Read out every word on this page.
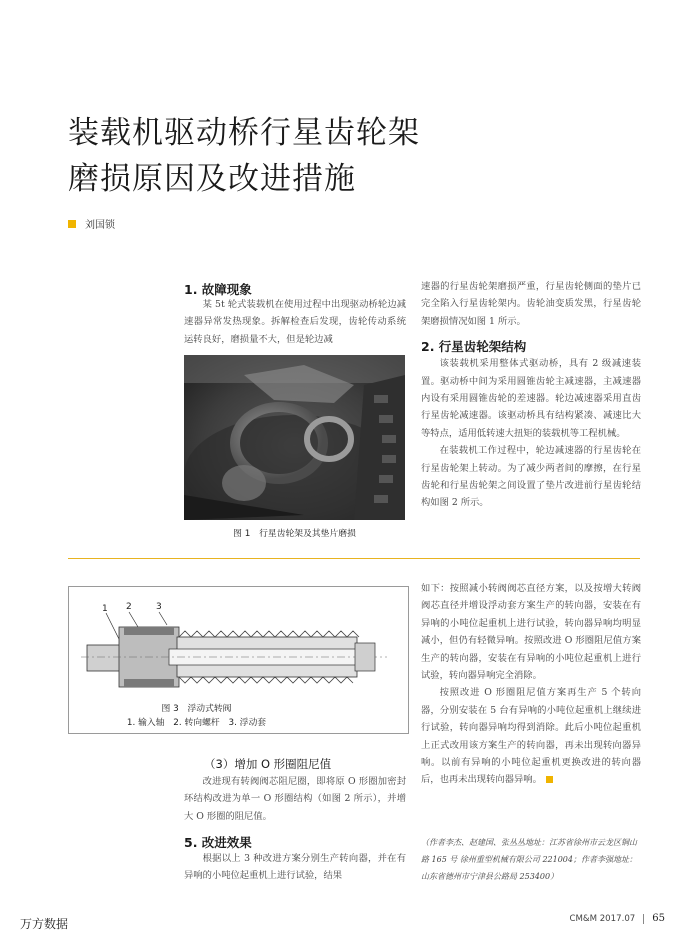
装载机驱动桥行星齿轮架
磨损原因及改进措施
刘国锁
1. 故障现象

某 5t 轮式装载机在使用过程中出现驱动桥轮边减速器异常发热现象。拆解检查后发现，齿轮传动系统运转良好，磨损量不大，但是轮边减

图 1　行星齿轮架及其垫片磨损

速器的行星齿轮架磨损严重，行星齿轮侧面的垫片已完全陷入行星齿轮架内。齿轮油变质发黑，行星齿轮架磨损情况如图 1 所示。

2. 行星齿轮架结构

该装载机采用整体式驱动桥，具有 2 级减速装置。驱动桥中间为采用圆锥齿轮主减速器，主减速器内设有采用圆锥齿轮的差速器。轮边减速器采用直齿行星齿轮减速器。该驱动桥具有结构紧凑、减速比大等特点，适用低转速大扭矩的装载机等工程机械。

在装载机工作过程中，轮边减速器的行星齿轮在行星齿轮架上转动。为了减少两者间的摩擦，在行星齿轮和行星齿轮架之间设置了垫片改进前行星齿轮结构如图 2 所示。

1 2	3
图 3　浮动式转阀
1. 输入轴　2. 转向螺杆　3. 浮动套
（3）增加 O 形圈阻尼值

改进现有转阀阀芯阻尼圈，即将原 O 形圈加密封环结构改进为单一 O 形圈结构（如图 2 所示），并增大 O 形圈的阻尼值。

5. 改进效果

根据以上 3 种改进方案分别生产转向器，并在有异响的小吨位起重机上进行试验，结果

如下：按照减小转阀阀芯直径方案，以及按增大转阀阀芯直径并增设浮动套方案生产的转向器，安装在有异响的小吨位起重机上进行试验，转向器异响均明显减小，但仍有轻微异响。按照改进 O 形圈阻尼值方案生产的转向器，安装在有异响的小吨位起重机上进行试验，转向器异响完全消除。

按照改进 O 形圈阻尼值方案再生产 5 个转向器，分别安装在 5 台有异响的小吨位起重机上继续进行试验，转向器异响均得到消除。此后小吨位起重机上正式改用该方案生产的转向器，再未出现转向器异响。以前有异响的小吨位起重机更换改进的转向器后，也再未出现转向器异响。

（作者李杰、赵建国、张丛丛地址：江苏省徐州市云龙区铜山路 165 号 徐州重型机械有限公司 221004；作者李强地址：山东省德州市宁津县公路局 253400）
万方数据	CM&M 2017.07 65
